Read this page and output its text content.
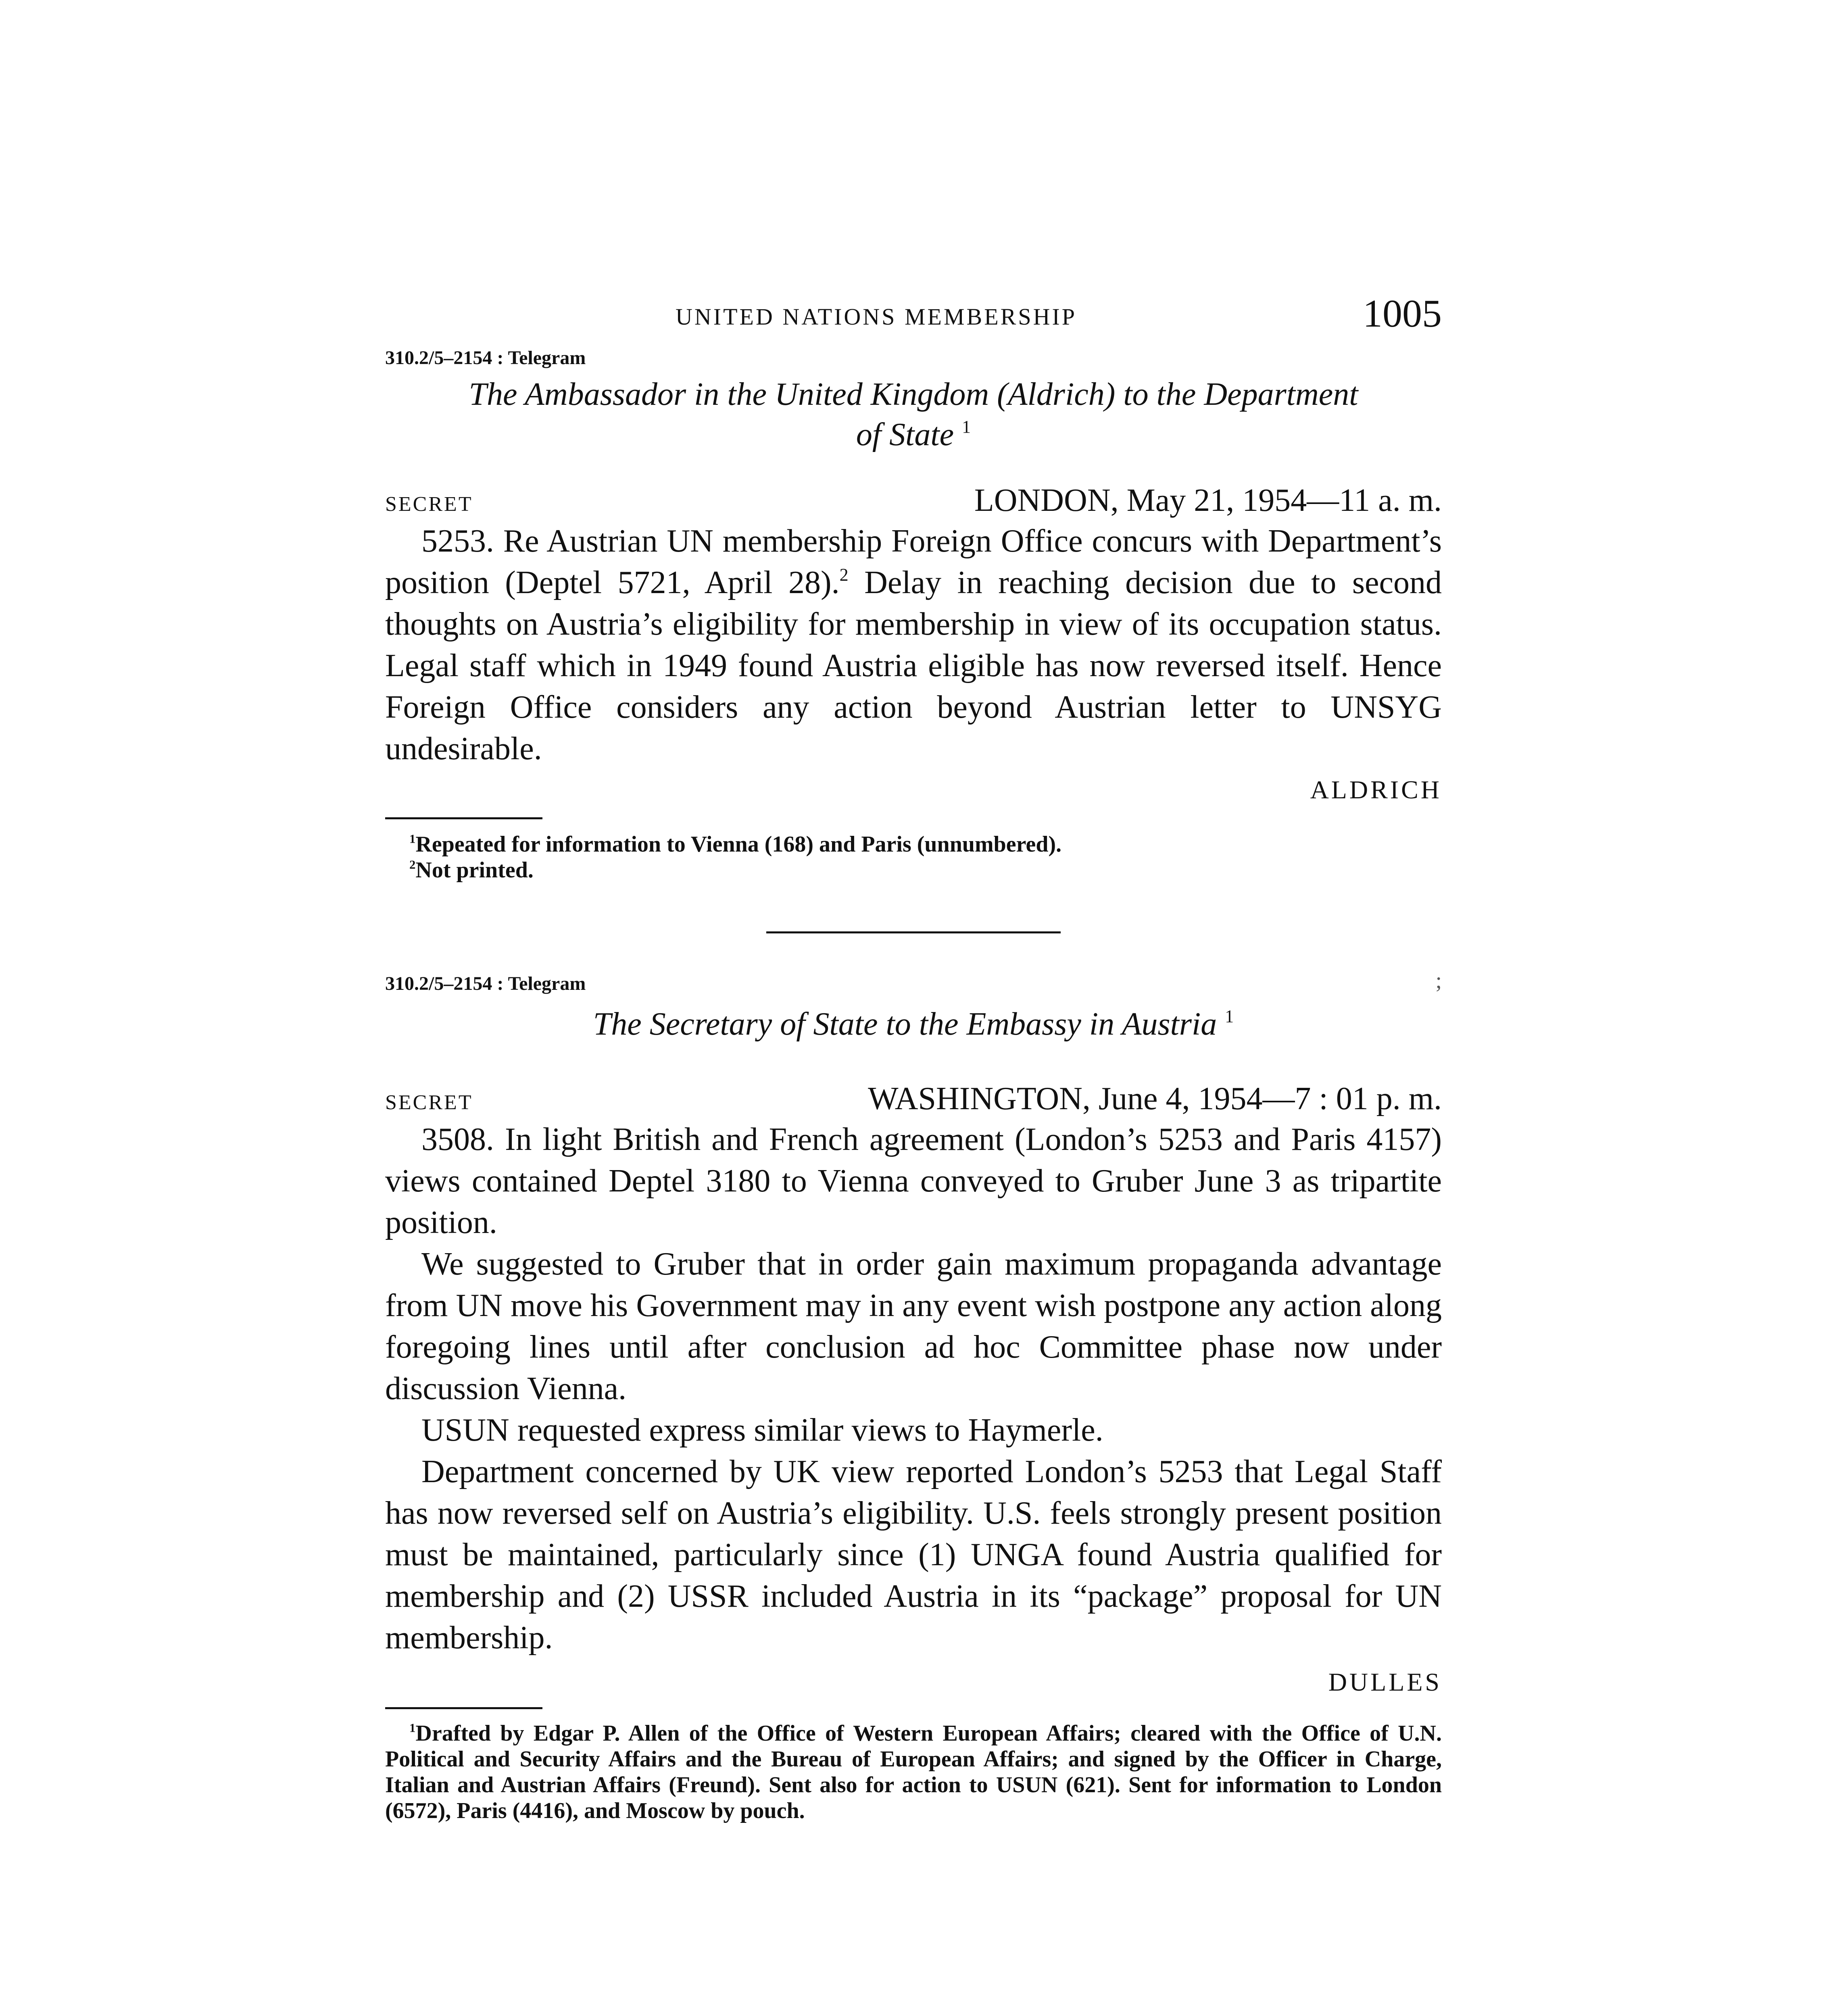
UNITED NATIONS MEMBERSHIP	1005
310.2/5–2154 : Telegram
The Ambassador in the United Kingdom (Aldrich) to the Department
of State $^1$
SECRET	LONDON, May 21, 1954—11 a. m.

5253. Re Austrian UN membership Foreign Office concurs with Department’s position (Deptel 5721, April 28).$^2$ Delay in reaching decision due to second thoughts on Austria’s eligibility for membership in view of its occupation status. Legal staff which in 1949 found Austria eligible has now reversed itself. Hence Foreign Office considers any action beyond Austrian letter to UNSYG undesirable.

ALDRICH

$^1$Repeated for information to Vienna (168) and Paris (unnumbered).

$^2$Not printed.

;
310.2/5–2154 : Telegram
The Secretary of State to the Embassy in Austria $^1$
SECRET	WASHINGTON, June 4, 1954—7 : 01 p. m.

3508. In light British and French agreement (London’s 5253 and Paris 4157) views contained Deptel 3180 to Vienna conveyed to Gruber June 3 as tripartite position.

We suggested to Gruber that in order gain maximum propaganda advantage from UN move his Government may in any event wish postpone any action along foregoing lines until after conclusion ad hoc Committee phase now under discussion Vienna.

USUN requested express similar views to Haymerle.

Department concerned by UK view reported London’s 5253 that Legal Staff has now reversed self on Austria’s eligibility. U.S. feels strongly present position must be maintained, particularly since (1) UNGA found Austria qualified for membership and (2) USSR included Austria in its “package” proposal for UN membership.

DULLES

$^1$Drafted by Edgar P. Allen of the Office of Western European Affairs; cleared with the Office of U.N. Political and Security Affairs and the Bureau of European Affairs; and signed by the Officer in Charge, Italian and Austrian Affairs (Freund). Sent also for action to USUN (621). Sent for information to London (6572), Paris (4416), and Moscow by pouch.
